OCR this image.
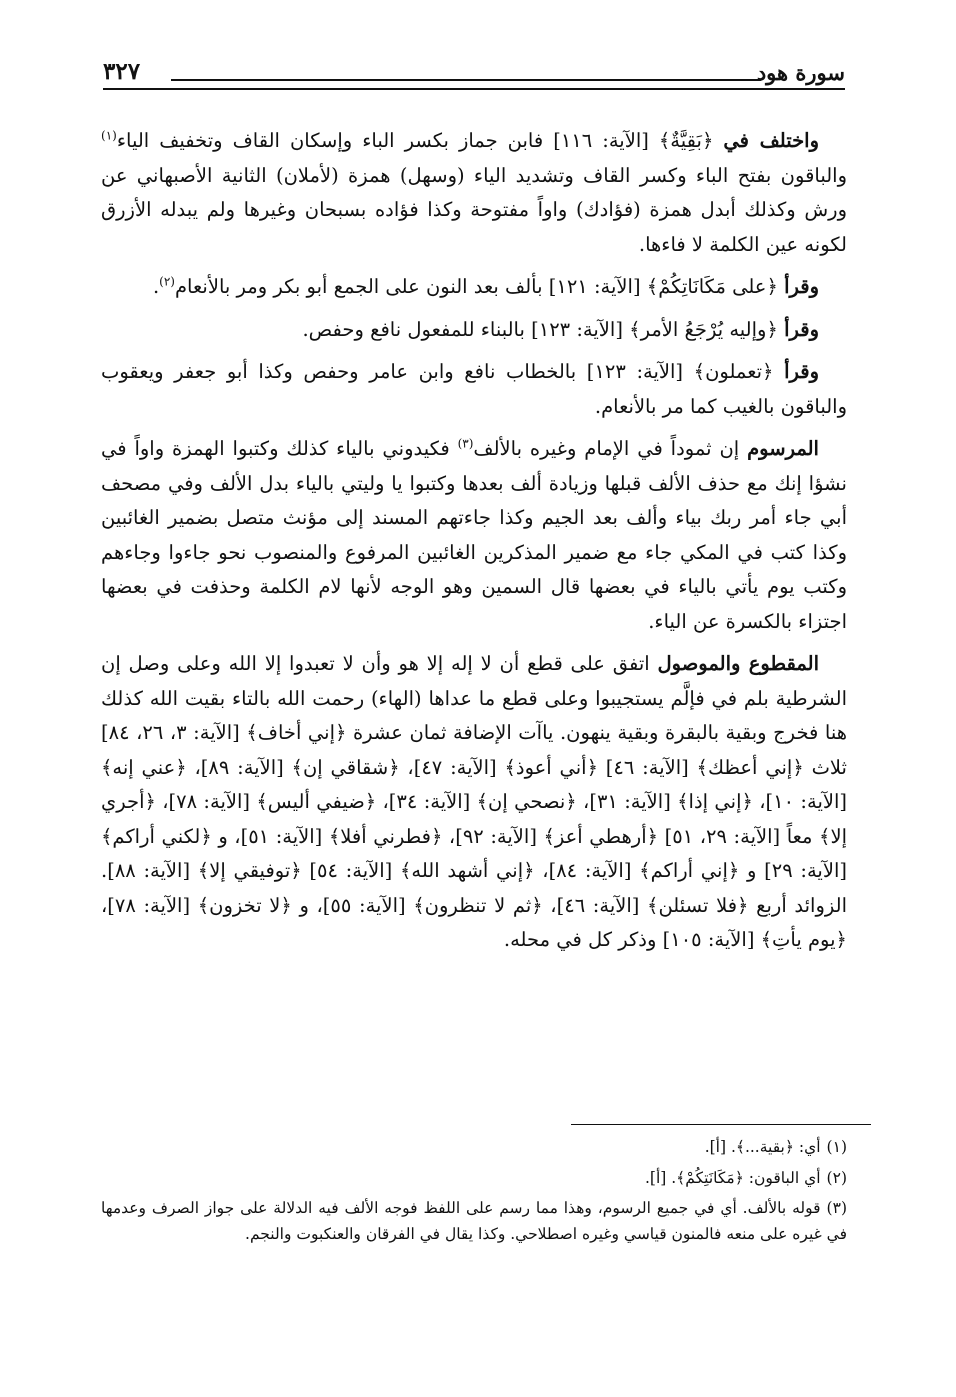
سورة هود
٣٢٧

واختلف في ﴿بَقِيَّةٌ﴾ [الآية: ١١٦] فابن جماز بكسر الباء وإسكان القاف وتخفيف الياء$^{(١)}$ والباقون بفتح الباء وكسر القاف وتشديد الياء (وسهل) همزة (لأملان) الثانية الأصبهاني عن ورش وكذلك أبدل همزة (فؤادك) واواً مفتوحة وكذا فؤاده بسبحان وغيرها ولم يبدله الأزرق لكونه عين الكلمة لا فاءها.

وقرأ ﴿على مَكَانَاتِكُمْ﴾ [الآية: ١٢١] بألف بعد النون على الجمع أبو بكر ومر بالأنعام$^{(٢)}$.

وقرأ ﴿وإليه يُرْجَعُ الأمر﴾ [الآية: ١٢٣] بالبناء للمفعول نافع وحفص.

وقرأ ﴿تعملون﴾ [الآية: ١٢٣] بالخطاب نافع وابن عامر وحفص وكذا أبو جعفر ويعقوب والباقون بالغيب كما مر بالأنعام.

المرسوم إن ثموداً في الإمام وغيره بالألف$^{(٣)}$ فكيدوني بالياء كذلك وكتبوا الهمزة واواً في نشؤا إنك مع حذف الألف قبلها وزيادة ألف بعدها وكتبوا يا وليتي بالياء بدل الألف وفي مصحف أبي جاء أمر ربك بياء وألف بعد الجيم وكذا جاءتهم المسند إلى مؤنث متصل بضمير الغائبين وكذا كتب في المكي جاء مع ضمير المذكرين الغائبين المرفوع والمنصوب نحو جاءوا وجاءهم وكتب يوم يأتي بالياء في بعضها قال السمين وهو الوجه لأنها لام الكلمة وحذفت في بعضها اجتزاء بالكسرة عن الياء.

المقطوع والموصول اتفق على قطع أن لا إله إلا هو وأن لا تعبدوا إلا الله وعلى وصل إن الشرطية بلم في فإلَّم يستجيبوا وعلى قطع ما عداها (الهاء) رحمت الله بالتاء بقيت الله كذلك هنا فخرج وبقية بالبقرة وبقية ينهون. ياآت الإضافة ثمان عشرة ﴿إني أخاف﴾ [الآية: ٣، ٢٦، ٨٤] ثلاث ﴿إني أعظك﴾ [الآية: ٤٦] ﴿أني أعوذ﴾ [الآية: ٤٧]، ﴿شقاقي إن﴾ [الآية: ٨٩]، ﴿عني إنه﴾ [الآية: ١٠]، ﴿إني إذا﴾ [الآية: ٣١]، ﴿نصحي إن﴾ [الآية: ٣٤]، ﴿ضيفي أليس﴾ [الآية: ٧٨]، ﴿أجري إلا﴾ معاً [الآية: ٢٩، ٥١] ﴿أرهطي أعز﴾ [الآية: ٩٢]، ﴿فطرني أفلا﴾ [الآية: ٥١]، و ﴿لكني أراكم﴾ [الآية: ٢٩] و ﴿إني أراكم﴾ [الآية: ٨٤]، ﴿إني أشهد الله﴾ [الآية: ٥٤] ﴿توفيقي إلا﴾ [الآية: ٨٨]. الزوائد أربع ﴿فلا تسئلن﴾ [الآية: ٤٦]، ﴿ثم لا تنظرون﴾ [الآية: ٥٥]، و ﴿لا تخزون﴾ [الآية: ٧٨]، ﴿يوم يأتِ﴾ [الآية: ١٠٥] وذكر كل في محله.

(١)أي: ﴿بقية...﴾. [أ].

(٢)أي الباقون: ﴿مَكَانَتِكُمْ﴾. [أ].

(٣)قوله بالألف. أي في جميع الرسوم، وهذا مما رسم على اللفظ فوجه الألف فيه الدلالة على جواز الصرف وعدمها في غيره على منعه فالمنون قياسي وغيره اصطلاحي. وكذا يقال في الفرقان والعنكبوت والنجم.
